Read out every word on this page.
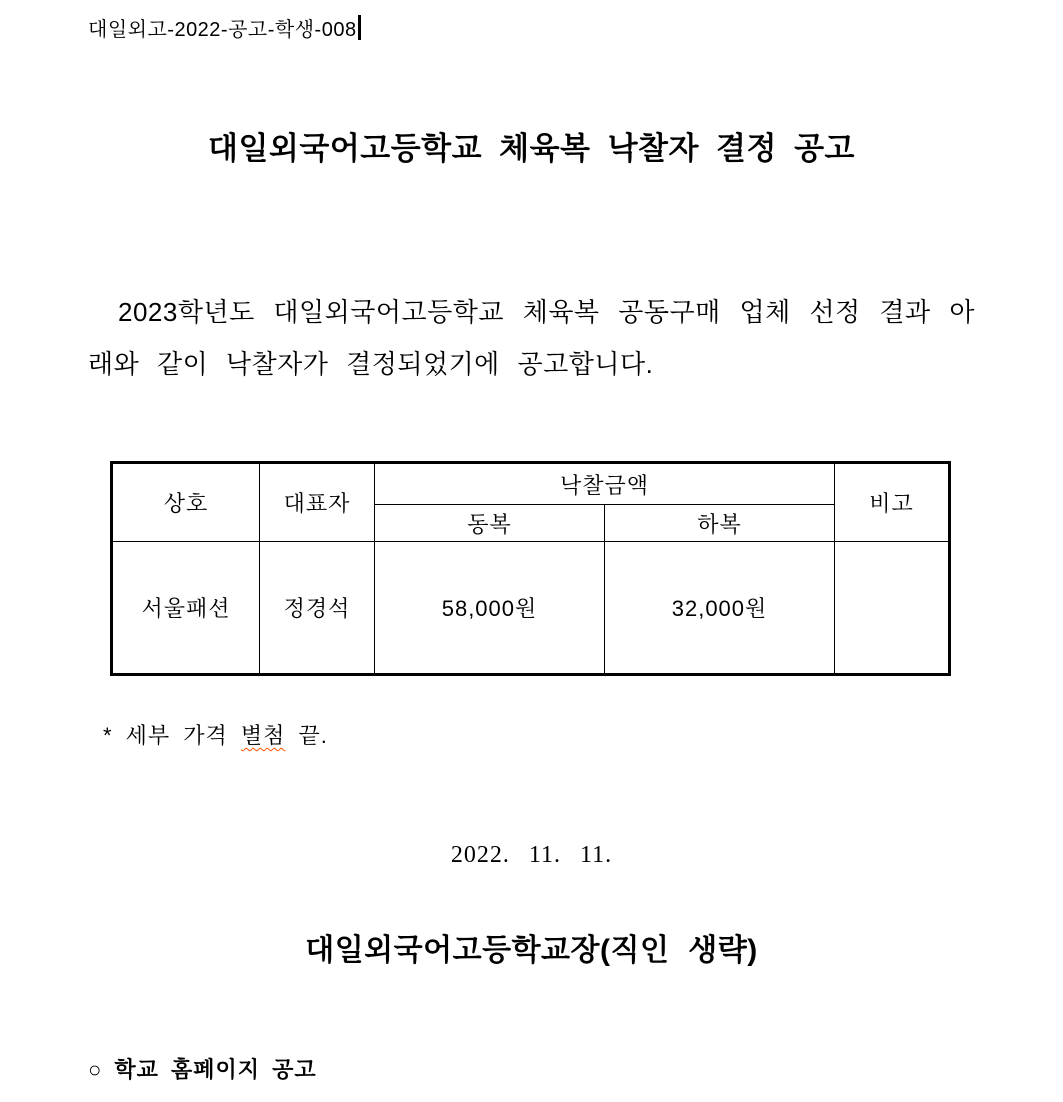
대일외고-2022-공고-학생-008
대일외국어고등학교 체육복 낙찰자 결정 공고
2023학년도 대일외국어고등학교 체육복 공동구매 업체 선정 결과 아
래와 같이 낙찰자가 결정되었기에 공고합니다.
상호	대표자	낙찰금액		비고
		동복	하복	
서울패션	정경석	58,000원	32,000원	
* 세부 가격 별첨 끝.
2022. 11. 11.
대일외국어고등학교장(직인 생략)
○ 학교 홈페이지 공고
